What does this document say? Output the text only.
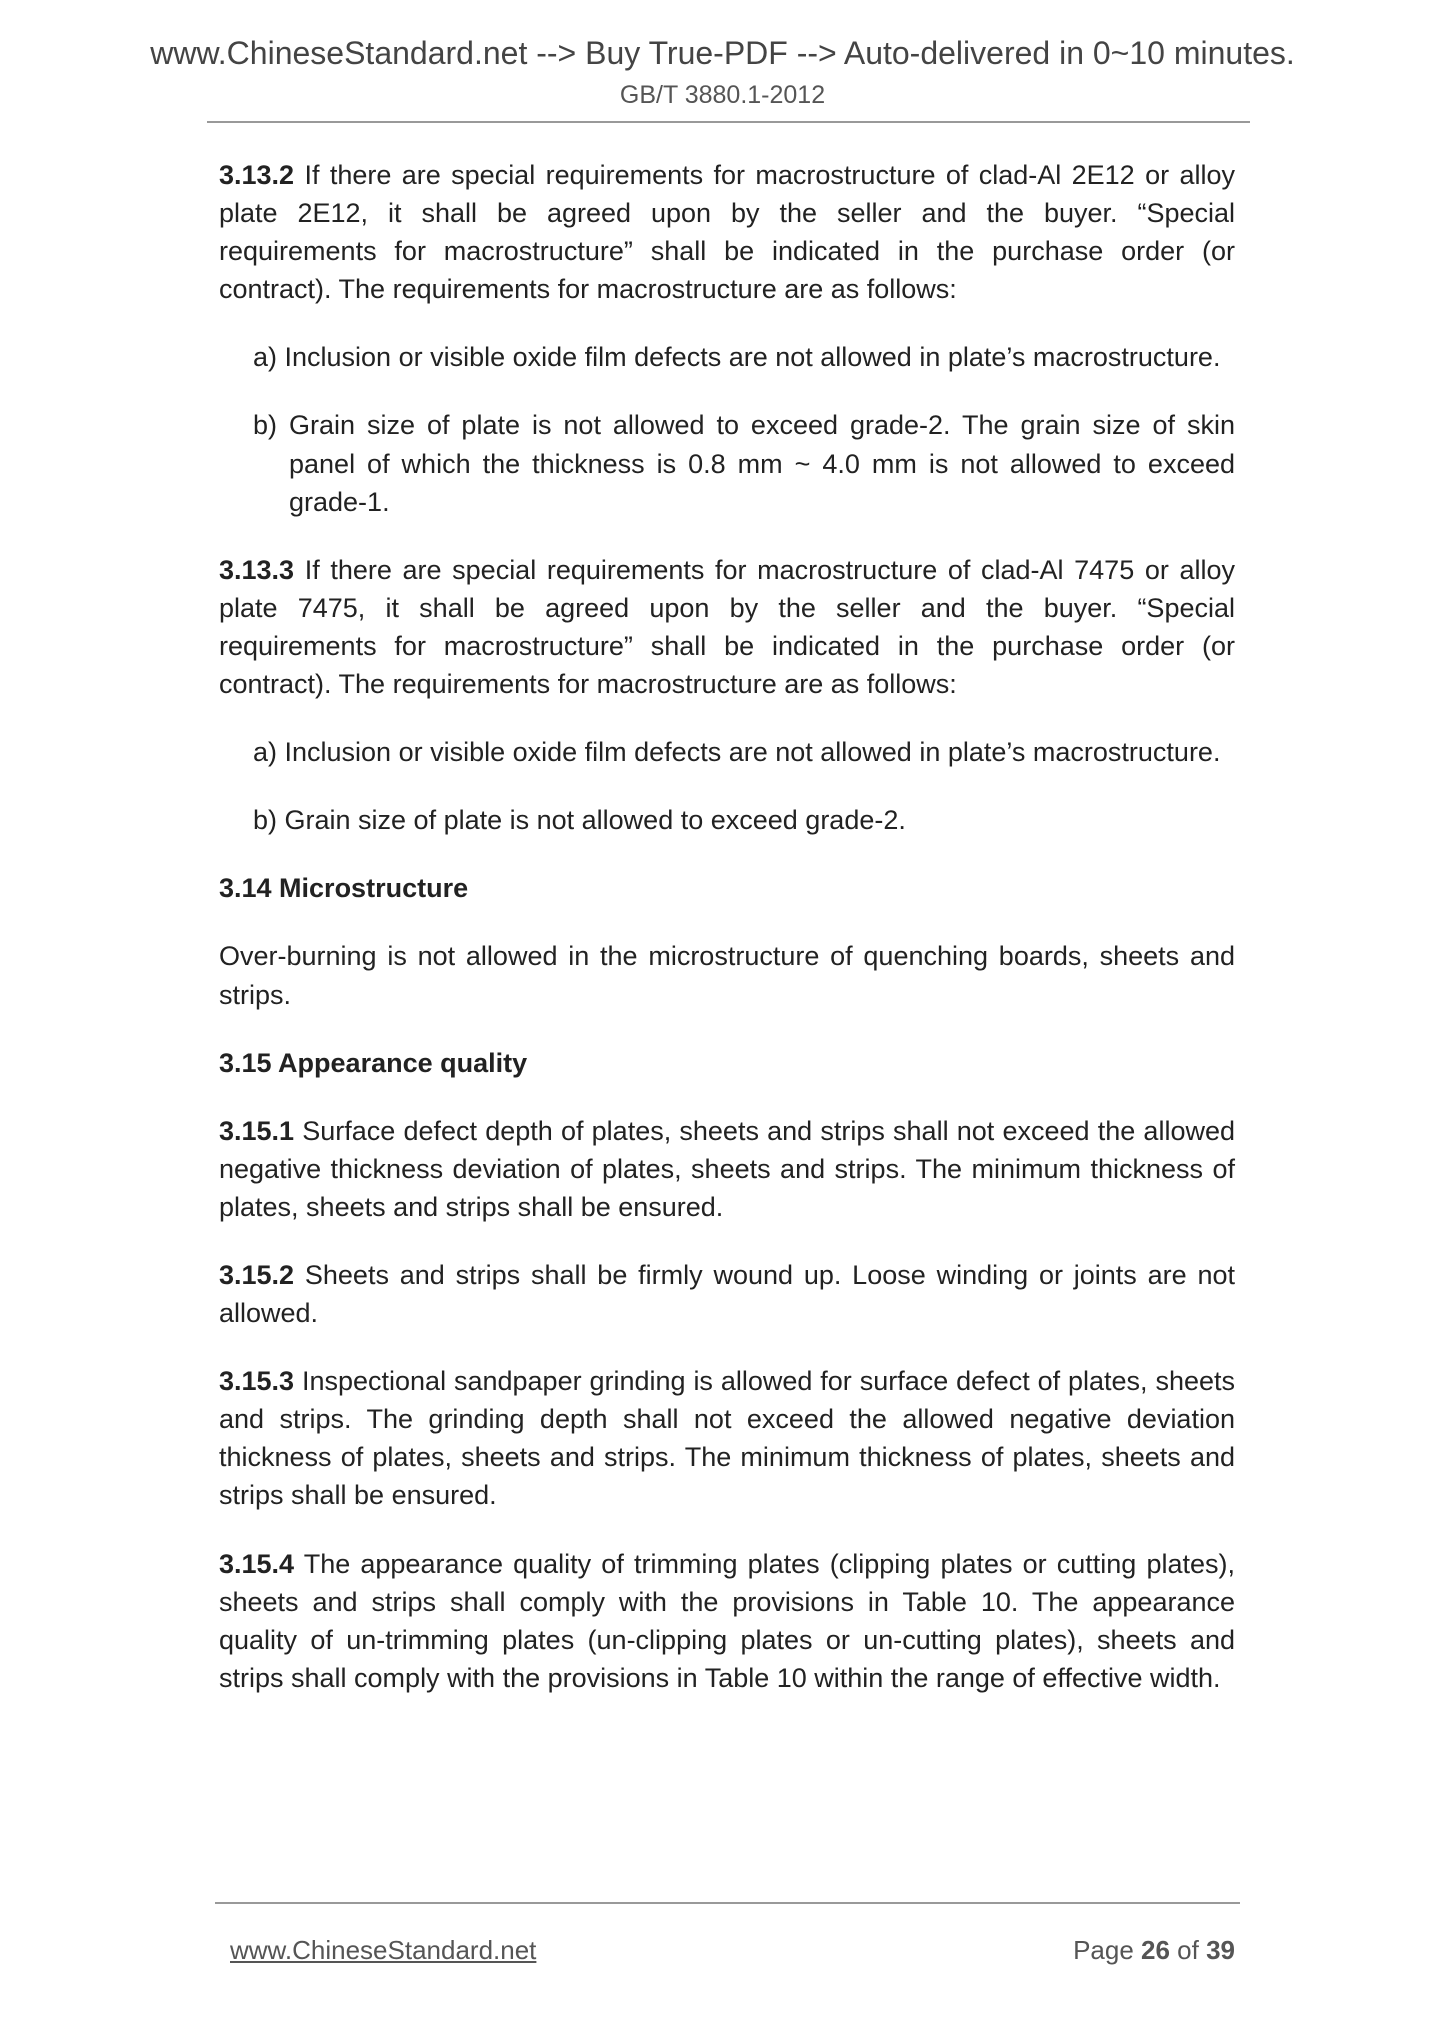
www.ChineseStandard.net --> Buy True-PDF --> Auto-delivered in 0~10 minutes.
GB/T 3880.1-2012

3.13.2 If there are special requirements for macrostructure of clad-Al 2E12 or alloy plate 2E12, it shall be agreed upon by the seller and the buyer. “Special requirements for macrostructure” shall be indicated in the purchase order (or contract). The requirements for macrostructure are as follows:

a) Inclusion or visible oxide film defects are not allowed in plate’s macrostructure.

b) Grain size of plate is not allowed to exceed grade-2. The grain size of skin panel of which the thickness is 0.8 mm ~ 4.0 mm is not allowed to exceed grade-1.

3.13.3 If there are special requirements for macrostructure of clad-Al 7475 or alloy plate 7475, it shall be agreed upon by the seller and the buyer. “Special requirements for macrostructure” shall be indicated in the purchase order (or contract). The requirements for macrostructure are as follows:

a) Inclusion or visible oxide film defects are not allowed in plate’s macrostructure.

b) Grain size of plate is not allowed to exceed grade-2.

3.14 Microstructure

Over-burning is not allowed in the microstructure of quenching boards, sheets and strips.

3.15 Appearance quality

3.15.1 Surface defect depth of plates, sheets and strips shall not exceed the allowed negative thickness deviation of plates, sheets and strips. The minimum thickness of plates, sheets and strips shall be ensured.

3.15.2 Sheets and strips shall be firmly wound up. Loose winding or joints are not allowed.

3.15.3 Inspectional sandpaper grinding is allowed for surface defect of plates, sheets and strips. The grinding depth shall not exceed the allowed negative deviation thickness of plates, sheets and strips. The minimum thickness of plates, sheets and strips shall be ensured.

3.15.4 The appearance quality of trimming plates (clipping plates or cutting plates), sheets and strips shall comply with the provisions in Table 10. The appearance quality of un-trimming plates (un-clipping plates or un-cutting plates), sheets and strips shall comply with the provisions in Table 10 within the range of effective width.

www.ChineseStandard.net	Page 26 of 39
